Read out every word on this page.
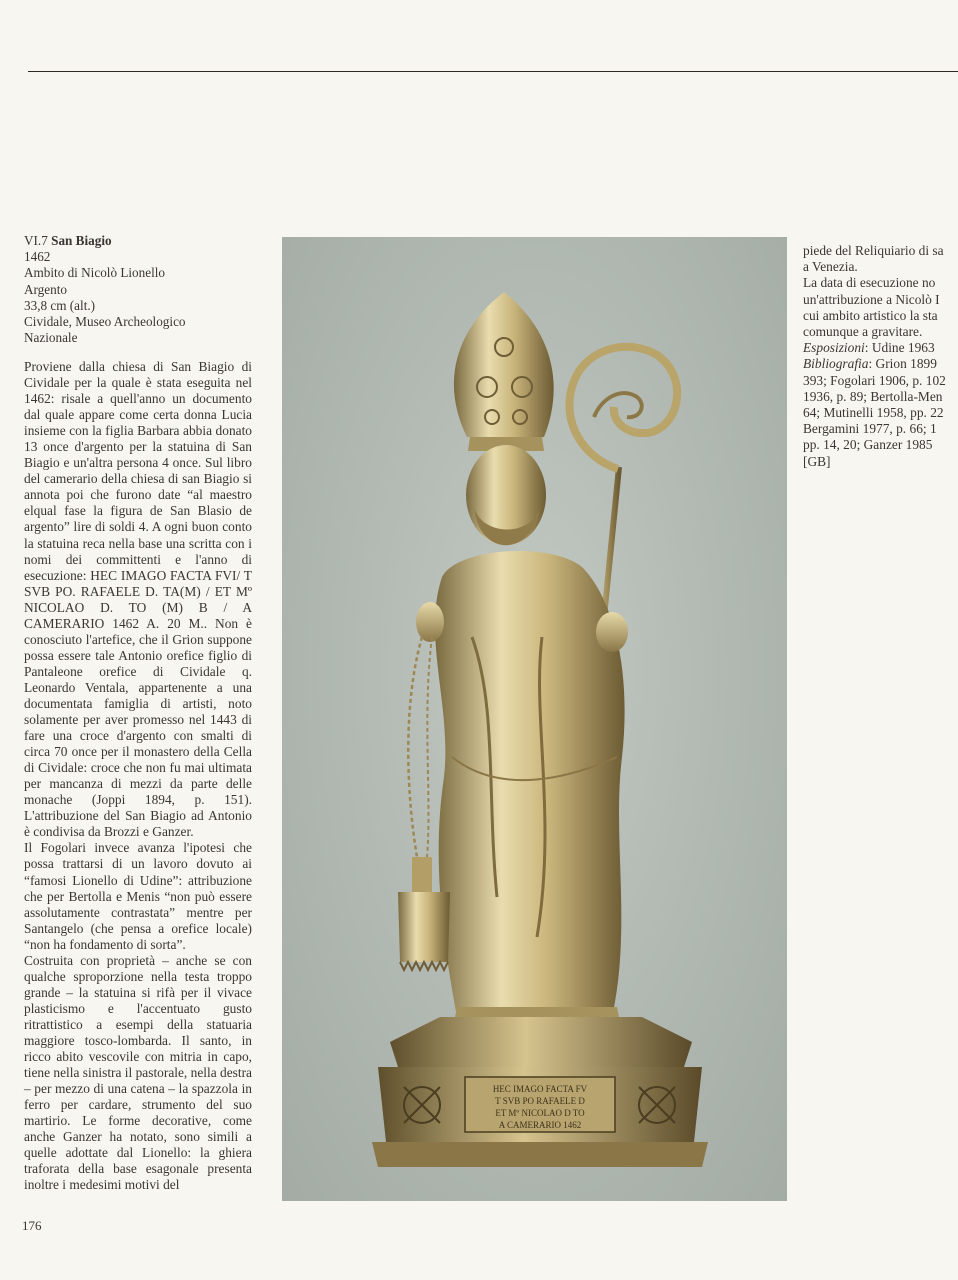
VI.7 San Biagio
1462
Ambito di Nicolò Lionello
Argento
33,8 cm (alt.)
Cividale, Museo Archeologico
Nazionale

Proviene dalla chiesa di San Biagio di Cividale per la quale è stata eseguita nel 1462: risale a quell'anno un documento dal quale appare come certa donna Lucia insieme con la figlia Barbara abbia donato 13 once d'argento per la statuina di San Biagio e un'altra persona 4 once. Sul libro del camerario della chiesa di san Biagio si annota poi che furono date “al maestro elqual fase la figura de San Blasio de argento” lire di soldi 4. A ogni buon conto la statuina reca nella base una scritta con i nomi dei committenti e l'anno di esecuzione: HEC IMAGO FACTA FVI/ T SVB PO. RAFAELE D. TA(M) / ET Mº NICOLAO D. TO (M) B / A CAMERARIO 1462 A. 20 M.. Non è conosciuto l'artefice, che il Grion suppone possa essere tale Antonio orefice figlio di Pantaleone orefice di Cividale q. Leonardo Ventala, appartenente a una documentata famiglia di artisti, noto solamente per aver promesso nel 1443 di fare una croce d'argento con smalti di circa 70 once per il monastero della Cella di Cividale: croce che non fu mai ultimata per mancanza di mezzi da parte delle monache (Joppi 1894, p. 151). L'attribuzione del San Biagio ad Antonio è condivisa da Brozzi e Ganzer.

Il Fogolari invece avanza l'ipotesi che possa trattarsi di un lavoro dovuto ai “famosi Lionello di Udine”: attribuzione che per Bertolla e Menis “non può essere assolutamente contrastata” mentre per Santangelo (che pensa a orefice locale) “non ha fondamento di sorta”.

Costruita con proprietà – anche se con qualche sproporzione nella testa troppo grande – la statuina si rifà per il vivace plasticismo e l'accentuato gusto ritrattistico a esempi della statuaria maggiore tosco-lombarda. Il santo, in ricco abito vescovile con mitria in capo, tiene nella sinistra il pastorale, nella destra – per mezzo di una catena – la spazzola in ferro per cardare, strumento del suo martirio. Le forme decorative, come anche Ganzer ha notato, sono simili a quelle adottate dal Lionello: la ghiera traforata della base esagonale presenta inoltre i medesimi motivi del

HEC IMAGO FACTA FV
T SVB PO RAFAELE D
ET Mº NICOLAO D TO
A CAMERARIO 1462
piede del Reliquiario di sa
a Venezia.
La data di esecuzione no
un'attribuzione a Nicolò I
cui ambito artistico la sta
comunque a gravitare.
Esposizioni: Udine 1963
Bibliografia: Grion 1899
393; Fogolari 1906, p. 102
1936, p. 89; Bertolla-Men
64; Mutinelli 1958, pp. 22
Bergamini 1977, p. 66; 1
pp. 14, 20; Ganzer 1985
[GB]
176
